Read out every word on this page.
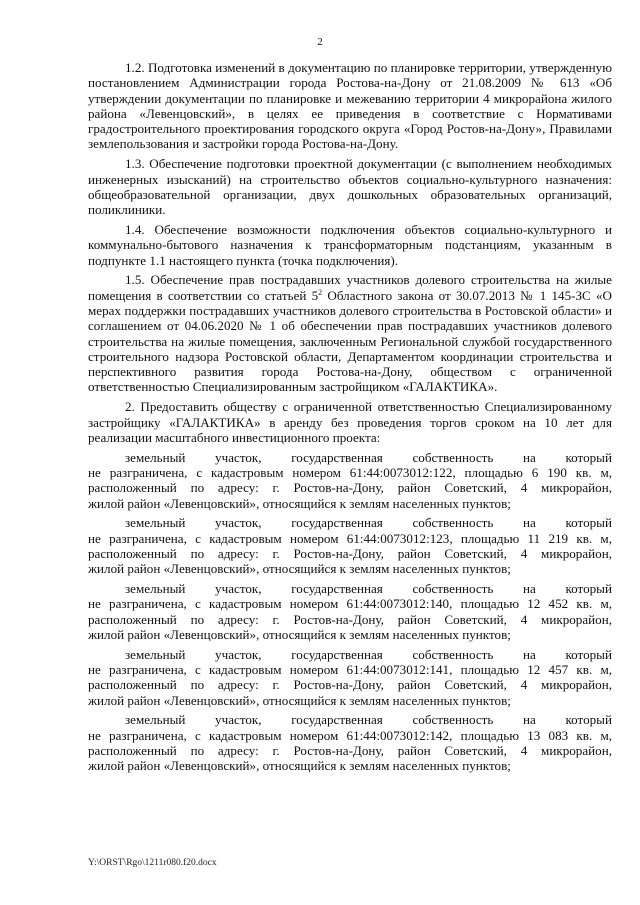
2

1.2. Подготовка изменений в документацию по планировке территории, утвержденную постановлением Администрации города Ростова-на-Дону от 21.08.2009 № 613 «Об утверждении документации по планировке и межеванию территории 4 микрорайона жилого района «Левенцовский», в целях ее приведения в соответствие с Нормативами градостроительного проектирования городского округа «Город Ростов-на-Дону», Правилами землепользования и застройки города Ростова-на-Дону.

1.3. Обеспечение подготовки проектной документации (с выполнением необходимых инженерных изысканий) на строительство объектов социально-культурного назначения: общеобразовательной организации, двух дошкольных образовательных организаций, поликлиники.

1.4. Обеспечение возможности подключения объектов социально-культурного и коммунально-бытового назначения к трансформаторным подстанциям, указанным в подпункте 1.1 настоящего пункта (точка подключения).

1.5. Обеспечение прав пострадавших участников долевого строительства на жилые помещения в соответствии со статьей $5^2$ Областного закона от 30.07.2013 № 1 145-ЗС «О мерах поддержки пострадавших участников долевого строительства в Ростовской области» и соглашением от 04.06.2020 № 1 об обеспечении прав пострадавших участников долевого строительства на жилые помещения, заключенным Региональной службой государственного строительного надзора Ростовской области, Департаментом координации строительства и перспективного развития города Ростова-на-Дону, обществом с ограниченной ответственностью Специализированным застройщиком «ГАЛАКТИКА».

2. Предоставить обществу с ограниченной ответственностью Специализированному застройщику «ГАЛАКТИКА» в аренду без проведения торгов сроком на 10 лет для реализации масштабного инвестиционного проекта:

земельный участок, государственная собственность на который
не разграничена, с кадастровым номером 61:44:0073012:122, площадью 6 190 кв. м,
расположенный по адресу: г. Ростов-на-Дону, район Советский, 4 микрорайон,
жилой район «Левенцовский», относящийся к землям населенных пунктов;
земельный участок, государственная собственность на который
не разграничена, с кадастровым номером 61:44:0073012:123, площадью 11 219 кв. м,
расположенный по адресу: г. Ростов-на-Дону, район Советский, 4 микрорайон,
жилой район «Левенцовский», относящийся к землям населенных пунктов;
земельный участок, государственная собственность на который
не разграничена, с кадастровым номером 61:44:0073012:140, площадью 12 452 кв. м,
расположенный по адресу: г. Ростов-на-Дону, район Советский, 4 микрорайон,
жилой район «Левенцовский», относящийся к землям населенных пунктов;
земельный участок, государственная собственность на который
не разграничена, с кадастровым номером 61:44:0073012:141, площадью 12 457 кв. м,
расположенный по адресу: г. Ростов-на-Дону, район Советский, 4 микрорайон,
жилой район «Левенцовский», относящийся к землям населенных пунктов;
земельный участок, государственная собственность на который
не разграничена, с кадастровым номером 61:44:0073012:142, площадью 13 083 кв. м,
расположенный по адресу: г. Ростов-на-Дону, район Советский, 4 микрорайон,
жилой район «Левенцовский», относящийся к землям населенных пунктов;
Y:\ORST\Rgo\1211r080.f20.docx
